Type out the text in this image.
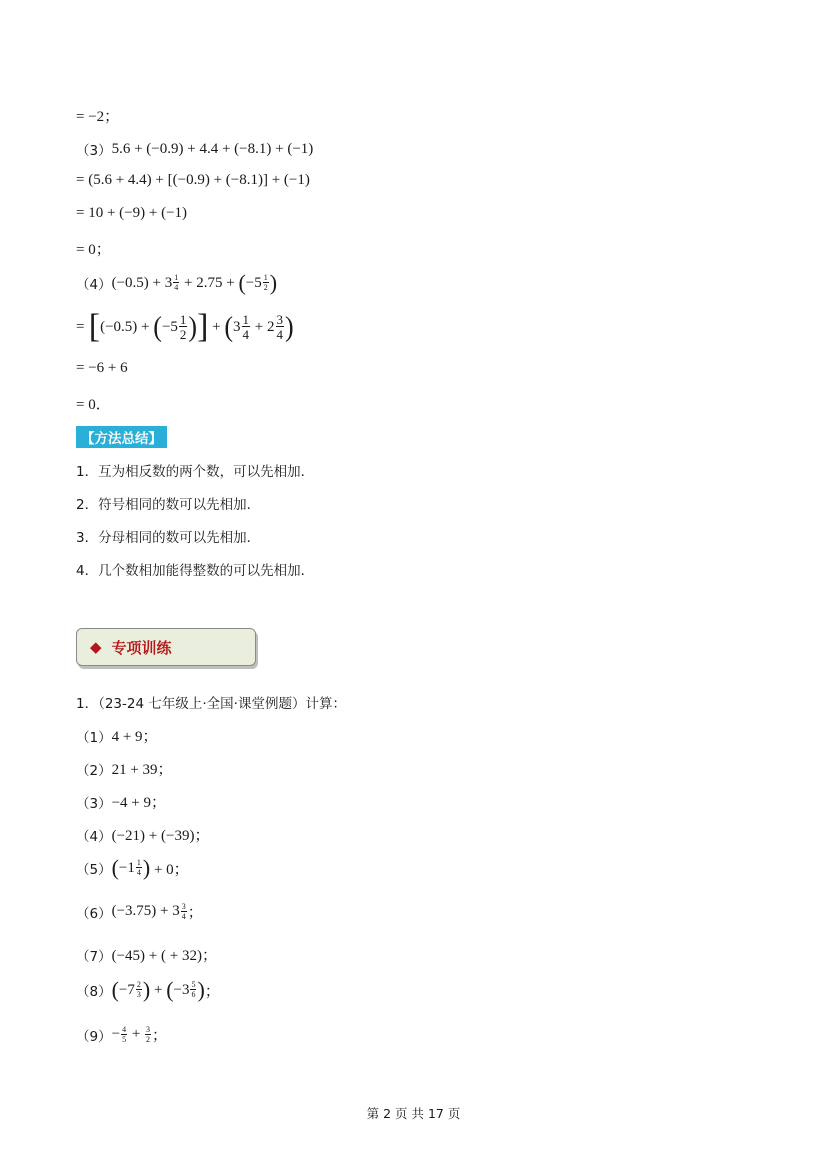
= −2；
（3） 5.6 + (−0.9) + 4.4 + (−8.1) + (−1)
= (5.6 + 4.4) + [(−0.9) + (−8.1)] + (−1)
= 10 + (−9) + (−1)
= 0；
（4） $(-0.5) + 3 \frac{1}{4} + 2.75$ + ( $-5 \frac{1}{2}$ )
=
[ (−0.5) + ( $-5 \frac{1}{2}$ ) ] + ( $3 \frac{1}{4} + 2 \frac{3}{4}$ )
= −6 + 6
= 0．
【方法总结】
1．互为相反数的两个数，可以先相加．
2．符号相同的数可以先相加．
3．分母相同的数可以先相加．
4．几个数相加能得整数的可以先相加．
◆ 专项训练
1．（23-24 七年级上·全国·课堂例题）计算：
（1） 4 + 9；
（2） 21 + 39；
（3） −4 + 9；
（4） (−21) + (−39)；
（5） ( $-1 \frac{1}{4}$ ) + 0；
（6） $(-3.75) + 3 \frac{3}{4}$ ；
（7） (−45) + ( + 32)；
（8） ( $-7 \frac{2}{3}$ ) + ( $-3 \frac{5}{6}$ ) ；
$(9) - \frac{4}{5} + \frac{3}{2}$ ；
第 2 页 共 17 页
